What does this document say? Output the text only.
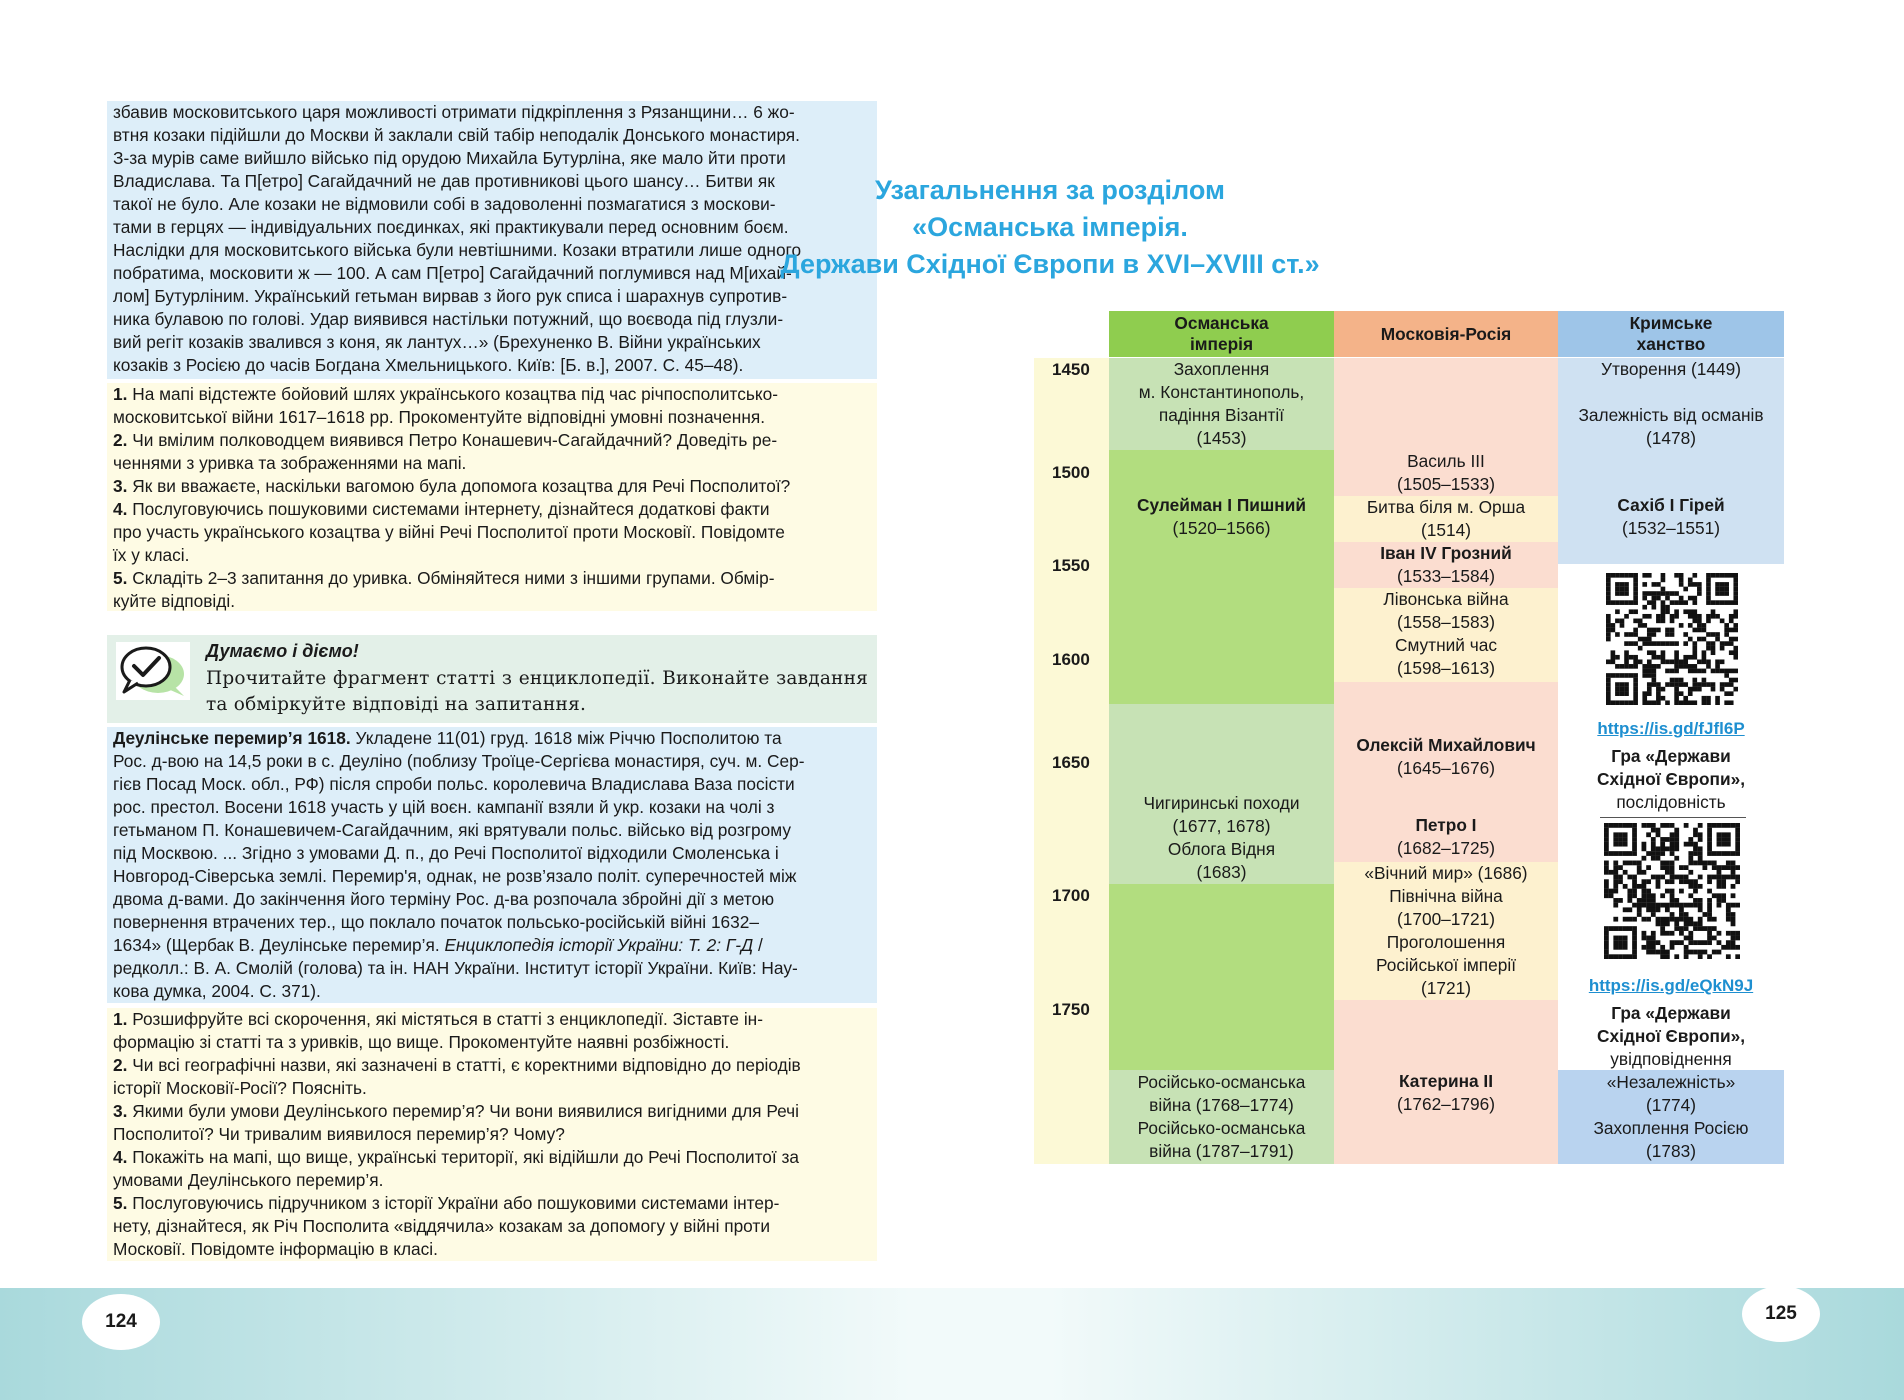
збавив московитського царя можливості отримати підкріплення з Рязанщини… 6 жо-

втня козаки підійшли до Москви й заклали свій табір неподалік Донського монастиря.

З-за мурів саме вийшло військо під орудою Михайла Бутурліна, яке мало йти проти

Владислава. Та П[етро] Сагайдачний не дав противникові цього шансу… Битви як

такої не було. Але козаки не відмовили собі в задоволенні позмагатися з москови-

тами в герцях — індивідуальних поєдинках, які практикували перед основним боєм.

Наслідки для московитського війська були невтішними. Козаки втратили лише одного

побратима, московити ж — 100. А сам П[етро] Сагайдачний поглумився над М[ихай-

лом] Бутурліним. Український гетьман вирвав з його рук списа і шарахнув супротив-

ника булавою по голові. Удар виявився настільки потужний, що воєвода під глузли-

вий регіт козаків звалився з коня, як лантух…» (Брехуненко В. Війни українських

козаків з Росією до часів Богдана Хмельницького. Київ: [Б. в.], 2007. С. 45–48).

1. На мапі відстежте бойовий шлях українського козацтва під час річпосполитсько-

московитської війни 1617–1618 рр. Прокоментуйте відповідні умовні позначення.

2. Чи вмілим полководцем виявився Петро Конашевич-Сагайдачний? Доведіть ре-

ченнями з уривка та зображеннями на мапі.

3. Як ви вважаєте, наскільки вагомою була допомога козацтва для Речі Посполитої?

4. Послуговуючись пошуковими системами інтернету, дізнайтеся додаткові факти

про участь українського козацтва у війні Речі Посполитої проти Московії. Повідомте

їх у класі.

5. Складіть 2–3 запитання до уривка. Обміняйтеся ними з іншими групами. Обмір-

куйте відповіді.

Думаємо і діємо!
Прочитайте фрагмент статті з енциклопедії. Виконайте завдання та обміркуйте відповіді на запитання.

Деулінське перемир’я 1618. Укладене 11(01) груд. 1618 між Річчю Посполитою та

Рос. д-вою на 14,5 роки в с. Деуліно (поблизу Троїце-Сергієва монастиря, суч. м. Сер-

гієв Посад Моск. обл., РФ) після спроби польс. королевича Владислава Ваза посісти

рос. престол. Восени 1618 участь у цій воєн. кампанії взяли й укр. козаки на чолі з

гетьманом П. Конашевичем-Сагайдачним, які врятували польс. військо від розгрому

під Москвою. ... Згідно з умовами Д. п., до Речі Посполитої відходили Смоленська і

Новгород-Сіверська землі. Перемир'я, однак, не розв’язало політ. суперечностей між

двома д-вами. До закінчення його терміну Рос. д-ва розпочала збройні дії з метою

повернення втрачених тер., що поклало початок польсько-російській війні 1632–

1634» (Щербак В. Деулінське перемир’я. Енциклопедія історії України: Т. 2: Г-Д /

редколл.: В. А. Смолій (голова) та ін. НАН України. Інститут історії України. Київ: Нау-

кова думка, 2004. С. 371).

1. Розшифруйте всі скорочення, які містяться в статті з енциклопедії. Зіставте ін-

формацію зі статті та з уривків, що вище. Прокоментуйте наявні розбіжності.

2. Чи всі географічні назви, які зазначені в статті, є коректними відповідно до періодів

історії Московії-Росії? Поясніть.

3. Якими були умови Деулінського перемир’я? Чи вони виявилися вигідними для Речі

Посполитої? Чи тривалим виявилося перемир’я? Чому?

4. Покажіть на мапі, що вище, українські території, які відійшли до Речі Посполитої за

умовами Деулінського перемир’я.

5. Послуговуючись підручником з історії України або пошуковими системами інтер-

нету, дізнайтеся, як Річ Посполита «віддячила» козакам за допомогу у війні проти

Московії. Повідомте інформацію в класі.

Узагальнення за розділом
«Османська імперія.
Держави Східної Європи в XVI–XVIII ст.»
Османська імперія
Московія-Росія
Кримське ханство
1450
1500
1550
1600
1650
1700
1750
Захоплення
м. Константинополь,
падіння Візантії
(1453)
Сулейман I Пишний
(1520–1566)
Чигиринські походи
(1677, 1678)
Облога Відня
(1683)
Російсько-османська
війна (1768–1774)
Російсько-османська
війна (1787–1791)
Василь III
(1505–1533)
Битва біля м. Орша
(1514)
Іван IV Грозний
(1533–1584)
Лівонська війна
(1558–1583)
Смутний час
(1598–1613)
Олексій Михайлович
(1645–1676)
Петро I
(1682–1725)
«Вічний мир» (1686)
Північна війна
(1700–1721)
Проголошення
Російської імперії
(1721)
Катерина II
(1762–1796)
Утворення (1449)

Залежність від османів
(1478)
Сахіб I Гірей
(1532–1551)
«Незалежність»
(1774)
Захоплення Росією
(1783)
https://is.gd/fJfl6P
Гра «Держави
Східної Європи»,
послідовність
https://is.gd/eQkN9J
Гра «Держави
Східної Європи»,
увідповіднення
124	125
